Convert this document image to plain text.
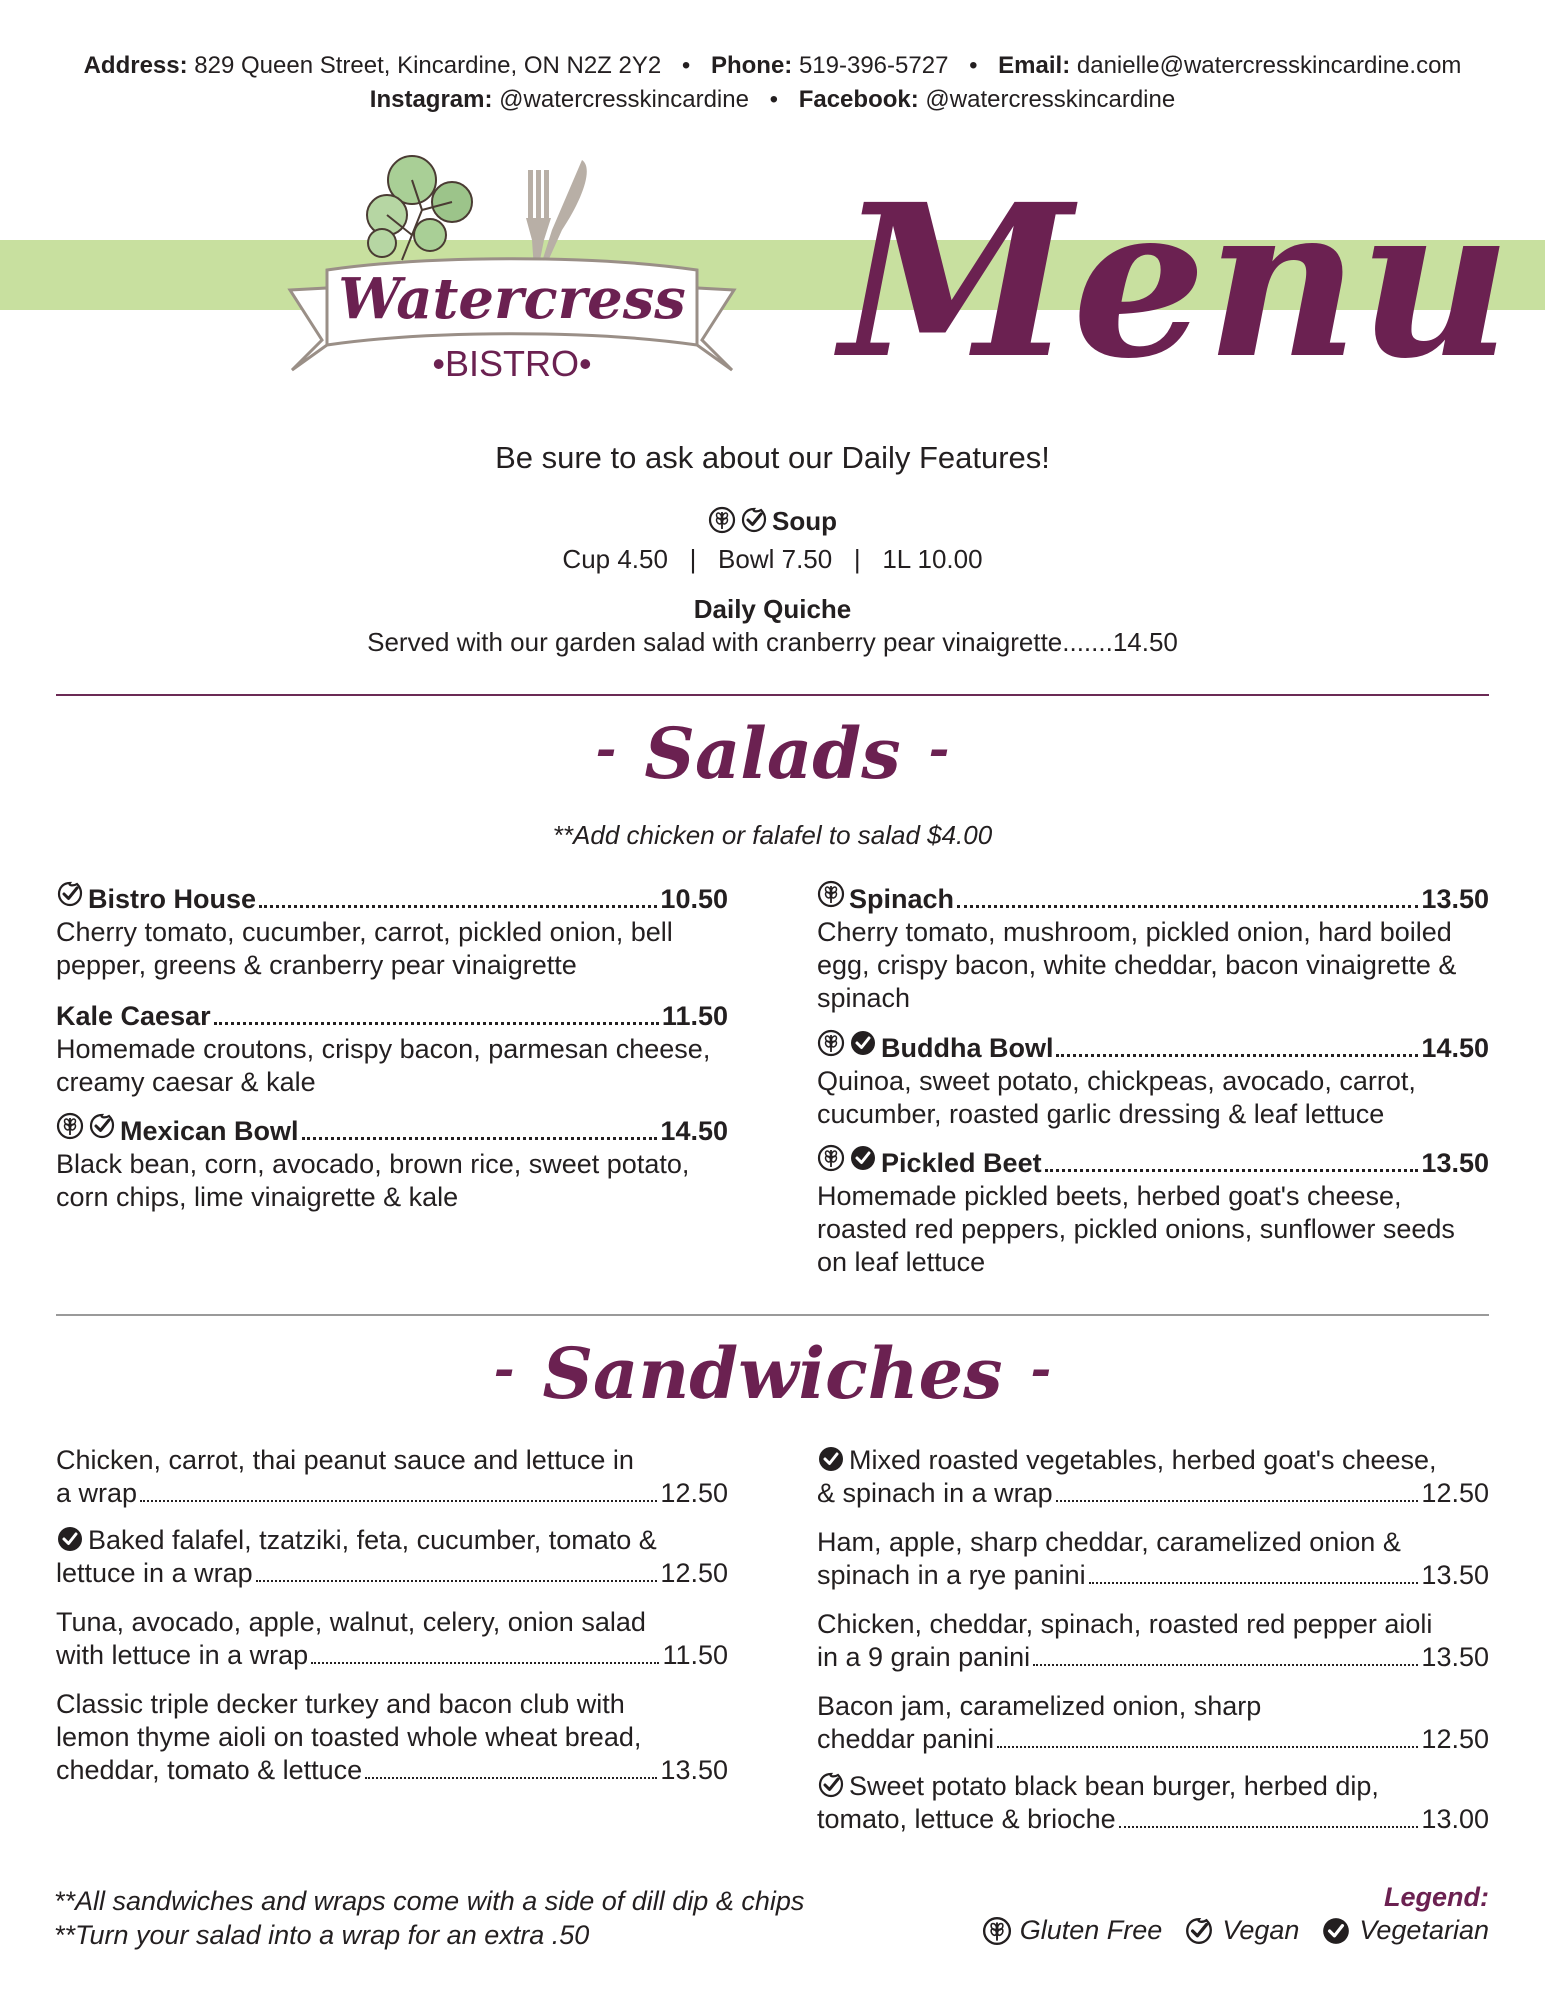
Address: 829 Queen Street, Kincardine, ON N2Z 2Y2 • Phone: 519-396-5727 • Email: danielle@watercresskincardine.com
Instagram: @watercresskincardine • Facebook: @watercresskincardine
Watercress
•BISTRO• Menu
Be sure to ask about our Daily Features!
Soup
Cup 4.50   |   Bowl 7.50   |   1L 10.00
Daily Quiche
Served with our garden salad with cranberry pear vinaigrette.......14.50
- Salads -
**Add chicken or falafel to salad $4.00
Bistro House	10.50
Cherry tomato, cucumber, carrot, pickled onion, bell pepper, greens & cranberry pear vinaigrette
Kale Caesar	11.50
Homemade croutons, crispy bacon, parmesan cheese, creamy caesar & kale
Mexican Bowl	14.50
Black bean, corn, avocado, brown rice, sweet potato, corn chips, lime vinaigrette & kale
Spinach	13.50
Cherry tomato, mushroom, pickled onion, hard boiled egg, crispy bacon, white cheddar, bacon vinaigrette & spinach
Buddha Bowl	14.50
Quinoa, sweet potato, chickpeas, avocado, carrot, cucumber, roasted garlic dressing & leaf lettuce
Pickled Beet	13.50
Homemade pickled beets, herbed goat's cheese, roasted red peppers, pickled onions, sunflower seeds on leaf lettuce
- Sandwiches -
Chicken, carrot, thai peanut sauce and lettuce in
a wrap	12.50
Baked falafel, tzatziki, feta, cucumber, tomato &
lettuce in a wrap	12.50
Tuna, avocado, apple, walnut, celery, onion salad
with lettuce in a wrap	11.50
Classic triple decker turkey and bacon club with
lemon thyme aioli on toasted whole wheat bread,
cheddar, tomato & lettuce	13.50
Mixed roasted vegetables, herbed goat's cheese,
& spinach in a wrap	12.50
Ham, apple, sharp cheddar, caramelized onion &
spinach in a rye panini	13.50
Chicken, cheddar, spinach, roasted red pepper aioli
in a 9 grain panini	13.50
Bacon jam, caramelized onion, sharp
cheddar panini	12.50
Sweet potato black bean burger, herbed dip,
tomato, lettuce & brioche	13.00
**All sandwiches and wraps come with a side of dill dip & chips
**Turn your salad into a wrap for an extra .50
Legend:
Gluten Free Vegan Vegetarian
